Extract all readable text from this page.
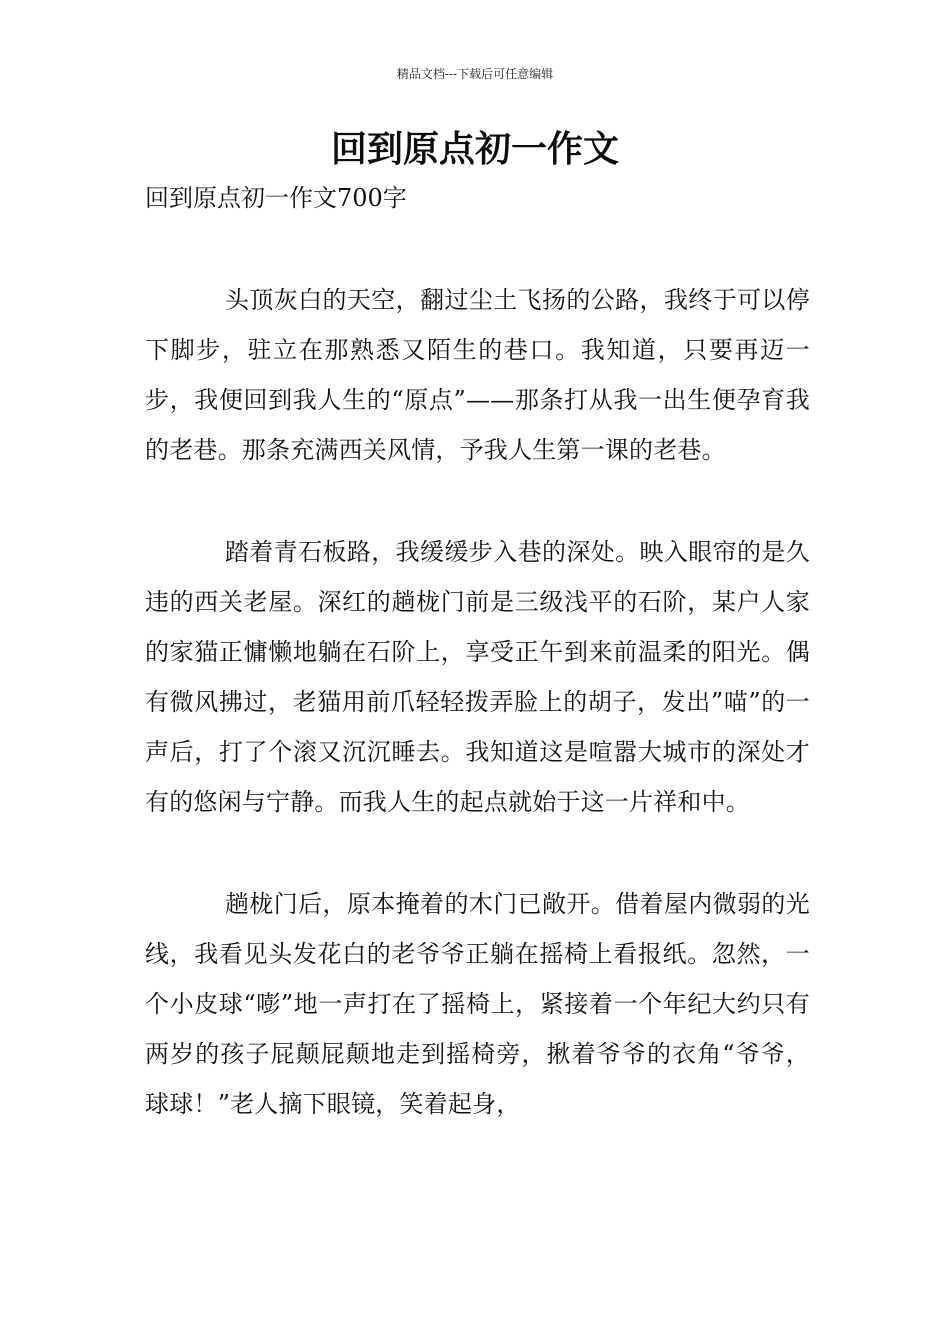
精品文档---下载后可任意编辑
回到原点初一作文

回到原点初一作文700字

头顶灰白的天空，翻过尘土飞扬的公路，我终于可以停下脚步，驻立在那熟悉又陌生的巷口。我知道，只要再迈一步，我便回到我人生的“原点”——那条打从我一出生便孕育我的老巷。那条充满西关风情，予我人生第一课的老巷。

踏着青石板路，我缓缓步入巷的深处。映入眼帘的是久违的西关老屋。深红的趟栊门前是三级浅平的石阶，某户人家的家猫正慵懒地躺在石阶上，享受正午到来前温柔的阳光。偶有微风拂过，老猫用前爪轻轻拨弄脸上的胡子，发出”喵”的一声后，打了个滚又沉沉睡去。我知道这是喧嚣大城市的深处才有的悠闲与宁静。而我人生的起点就始于这一片祥和中。

趟栊门后，原本掩着的木门已敞开。借着屋内微弱的光线，我看见头发花白的老爷爷正躺在摇椅上看报纸。忽然，一个小皮球“嘭”地一声打在了摇椅上，紧接着一个年纪大约只有两岁的孩子屁颠屁颠地走到摇椅旁，揪着爷爷的衣角“爷爷，球球！”老人摘下眼镜，笑着起身，
